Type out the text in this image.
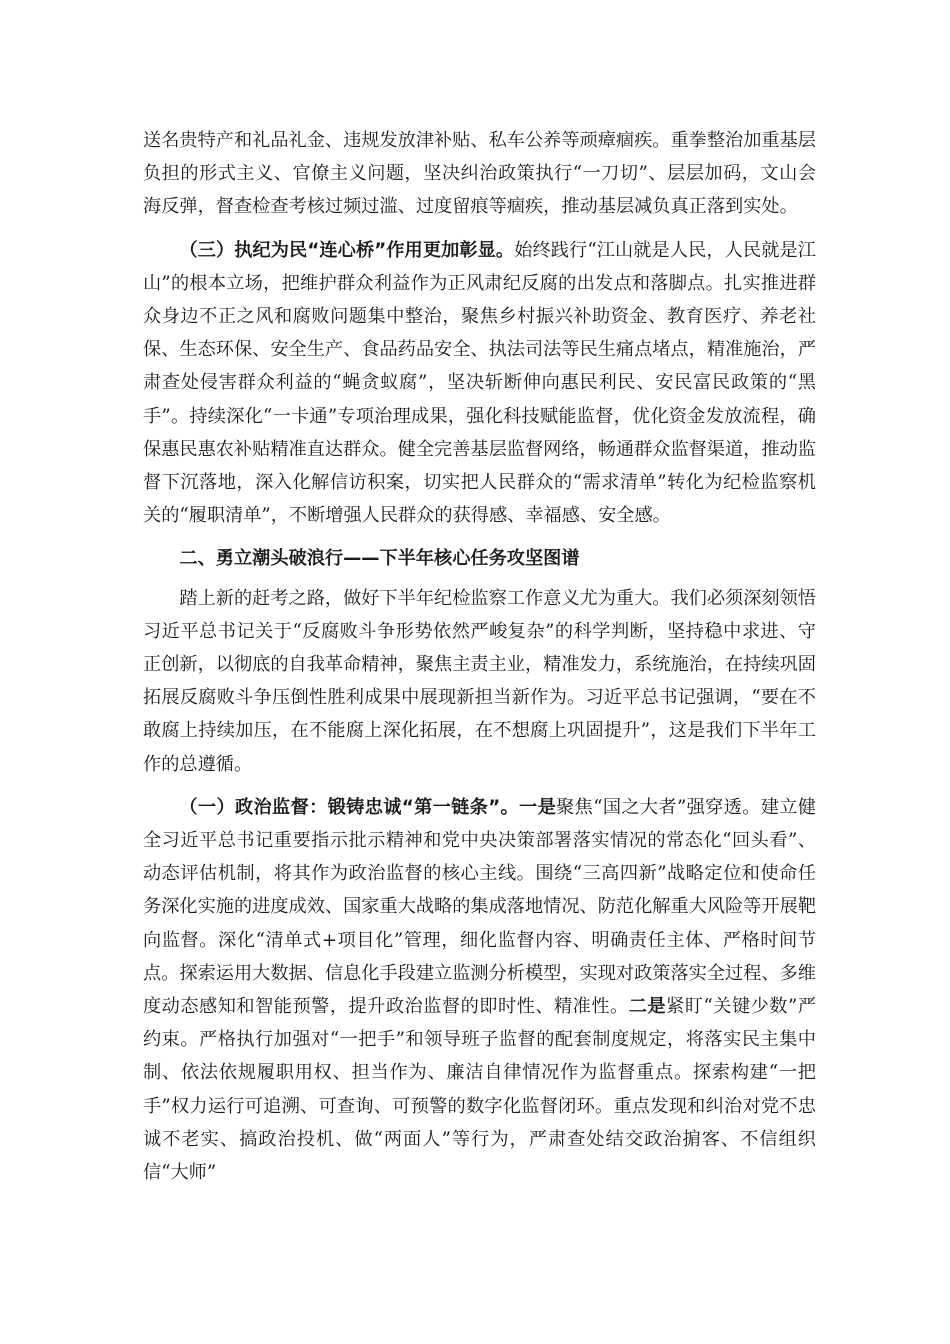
送名贵特产和礼品礼金、违规发放津补贴、私车公养等顽瘴痼疾。重拳整治加重基层负担的形式主义、官僚主义问题，坚决纠治政策执行“一刀切”、层层加码，文山会海反弹，督查检查考核过频过滥、过度留痕等痼疾，推动基层减负真正落到实处。

（三）执纪为民“连心桥”作用更加彰显。始终践行“江山就是人民，人民就是江山”的根本立场，把维护群众利益作为正风肃纪反腐的出发点和落脚点。扎实推进群众身边不正之风和腐败问题集中整治，聚焦乡村振兴补助资金、教育医疗、养老社保、生态环保、安全生产、食品药品安全、执法司法等民生痛点堵点，精准施治，严肃查处侵害群众利益的“蝇贪蚁腐”，坚决斩断伸向惠民利民、安民富民政策的“黑手”。持续深化“一卡通”专项治理成果，强化科技赋能监督，优化资金发放流程，确保惠民惠农补贴精准直达群众。健全完善基层监督网络，畅通群众监督渠道，推动监督下沉落地，深入化解信访积案，切实把人民群众的“需求清单”转化为纪检监察机关的“履职清单”，不断增强人民群众的获得感、幸福感、安全感。

二、勇立潮头破浪行——下半年核心任务攻坚图谱

踏上新的赶考之路，做好下半年纪检监察工作意义尤为重大。我们必须深刻领悟习近平总书记关于“反腐败斗争形势依然严峻复杂”的科学判断，坚持稳中求进、守正创新，以彻底的自我革命精神，聚焦主责主业，精准发力，系统施治，在持续巩固拓展反腐败斗争压倒性胜利成果中展现新担当新作为。习近平总书记强调，“要在不敢腐上持续加压，在不能腐上深化拓展，在不想腐上巩固提升”，这是我们下半年工作的总遵循。

（一）政治监督：锻铸忠诚“第一链条”。一是聚焦“国之大者”强穿透。建立健全习近平总书记重要指示批示精神和党中央决策部署落实情况的常态化“回头看”、动态评估机制，将其作为政治监督的核心主线。围绕“三高四新”战略定位和使命任务深化实施的进度成效、国家重大战略的集成落地情况、防范化解重大风险等开展靶向监督。深化“清单式+项目化”管理，细化监督内容、明确责任主体、严格时间节点。探索运用大数据、信息化手段建立监测分析模型，实现对政策落实全过程、多维度动态感知和智能预警，提升政治监督的即时性、精准性。二是紧盯“关键少数”严约束。严格执行加强对“一把手”和领导班子监督的配套制度规定，将落实民主集中制、依法依规履职用权、担当作为、廉洁自律情况作为监督重点。探索构建“一把手”权力运行可追溯、可查询、可预警的数字化监督闭环。重点发现和纠治对党不忠诚不老实、搞政治投机、做“两面人”等行为，严肃查处结交政治掮客、不信组织信“大师”
